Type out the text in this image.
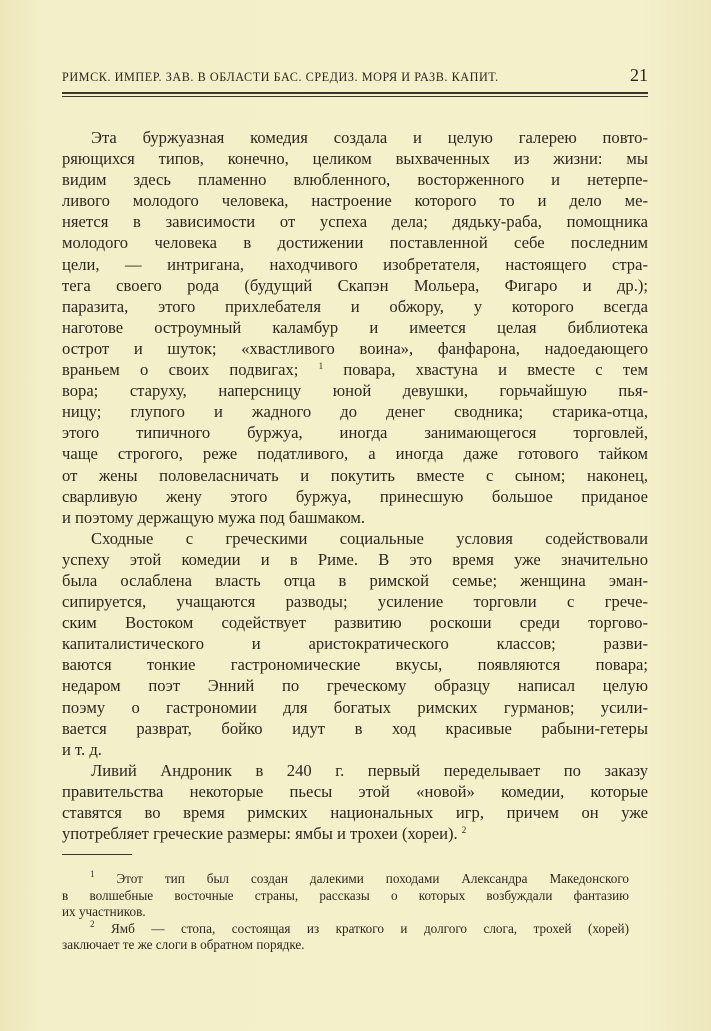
РИМСК. ИМПЕР. ЗАВ. В ОБЛАСТИ БАС. СРЕДИЗ. МОРЯ И РАЗВ. КАПИТ.	21
Эта буржуазная комедия создала и целую галерею повто-
ряющихся типов, конечно, целиком выхваченных из жизни: мы
видим здесь пламенно влюбленного, восторженного и нетерпе-
ливого молодого человека, настроение которого то и дело ме-
няется в зависимости от успеха дела; дядьку-раба, помощника
молодого человека в достижении поставленной себе последним
цели, — интригана, находчивого изобретателя, настоящего стра-
тега своего рода (будущий Скапэн Мольера, Фигаро и др.);
паразита, этого прихлебателя и обжору, у которого всегда
наготове остроумный каламбур и имеется целая библиотека
острот и шуток; «хвастливого воина», фанфарона, надоедающего
враньем о своих подвигах; $^1$ повара, хвастуна и вместе с тем
вора; старуху, наперсницу юной девушки, горьчайшую пья-
ницу; глупого и жадного до денег сводника; старика-отца,
этого типичного буржуа, иногда занимающегося торговлей,
чаще строгого, реже податливого, а иногда даже готового тайком
от жены половеласничать и покутить вместе с сыном; наконец,
сварливую жену этого буржуа, принесшую большое приданое
и поэтому держащую мужа под башмаком.
Сходные с греческими социальные условия содействовали
успеху этой комедии и в Риме. В это время уже значительно
была ослаблена власть отца в римской семье; женщина эман-
сипируется, учащаются разводы; усиление торговли с грече-
ским Востоком содействует развитию роскоши среди торгово-
капиталистического и аристократического классов; разви-
ваются тонкие гастрономические вкусы, появляются повара;
недаром поэт Энний по греческому образцу написал целую
поэму о гастрономии для богатых римских гурманов; усили-
вается разврат, бойко идут в ход красивые рабыни-гетеры
и т. д.
Ливий Андроник в 240 г. первый переделывает по заказу
правительства некоторые пьесы этой «новой» комедии, которые
ставятся во время римских национальных игр, причем он уже
употребляет греческие размеры: ямбы и трохеи (хореи). $^2$
$^1$ Этот тип был создан далекими походами Александра Македонского
в волшебные восточные страны, рассказы о которых возбуждали фантазию
их участников.
$^2$ Ямб — стопа, состоящая из краткого и долгого слога, трохей (хорей)
заключает те же слоги в обратном порядке.
